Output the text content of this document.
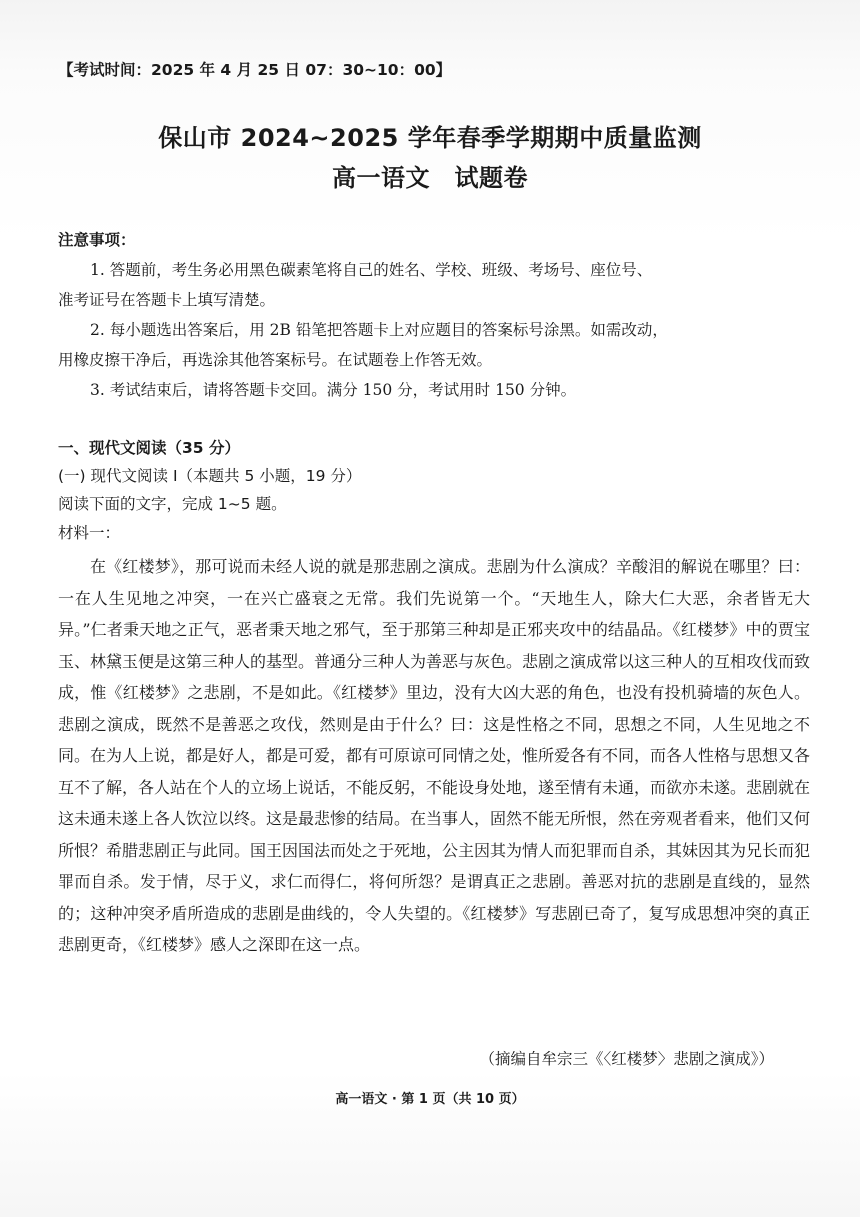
【考试时间：2025 年 4 月 25 日 07：30~10：00】
保山市 2024~2025 学年春季学期期中质量监测
高一语文　试题卷
注意事项：
1. 答题前，考生务必用黑色碳素笔将自己的姓名、学校、班级、考场号、座位号、
准考证号在答题卡上填写清楚。
2. 每小题选出答案后，用 2B 铅笔把答题卡上对应题目的答案标号涂黑。如需改动，
用橡皮擦干净后，再选涂其他答案标号。在试题卷上作答无效。
3. 考试结束后，请将答题卡交回。满分 150 分，考试用时 150 分钟。
一、现代文阅读（35 分）
(一) 现代文阅读 I（本题共 5 小题，19 分）
阅读下面的文字，完成 1~5 题。
材料一：

在《红楼梦》，那可说而未经人说的就是那悲剧之演成。悲剧为什么演成？辛酸泪的解说在哪里？曰：一在人生见地之冲突，一在兴亡盛衰之无常。我们先说第一个。“天地生人，除大仁大恶，余者皆无大异。”仁者秉天地之正气，恶者秉天地之邪气，至于那第三种却是正邪夹攻中的结晶品。《红楼梦》中的贾宝玉、林黛玉便是这第三种人的基型。普通分三种人为善恶与灰色。悲剧之演成常以这三种人的互相攻伐而致成，惟《红楼梦》之悲剧，不是如此。《红楼梦》里边，没有大凶大恶的角色，也没有投机骑墙的灰色人。悲剧之演成，既然不是善恶之攻伐，然则是由于什么？曰：这是性格之不同，思想之不同，人生见地之不同。在为人上说，都是好人，都是可爱，都有可原谅可同情之处，惟所爱各有不同，而各人性格与思想又各互不了解，各人站在个人的立场上说话，不能反躬，不能设身处地，遂至情有未通，而欲亦未遂。悲剧就在这未通未遂上各人饮泣以终。这是最悲惨的结局。在当事人，固然不能无所恨，然在旁观者看来，他们又何所恨？希腊悲剧正与此同。国王因国法而处之于死地，公主因其为情人而犯罪而自杀，其妹因其为兄长而犯罪而自杀。发于情，尽于义，求仁而得仁，将何所怨？是谓真正之悲剧。善恶对抗的悲剧是直线的，显然的；这种冲突矛盾所造成的悲剧是曲线的，令人失望的。《红楼梦》写悲剧已奇了，复写成思想冲突的真正悲剧更奇，《红楼梦》感人之深即在这一点。

（摘编自牟宗三《〈红楼梦〉悲剧之演成》）
高一语文 · 第 1 页（共 10 页）
